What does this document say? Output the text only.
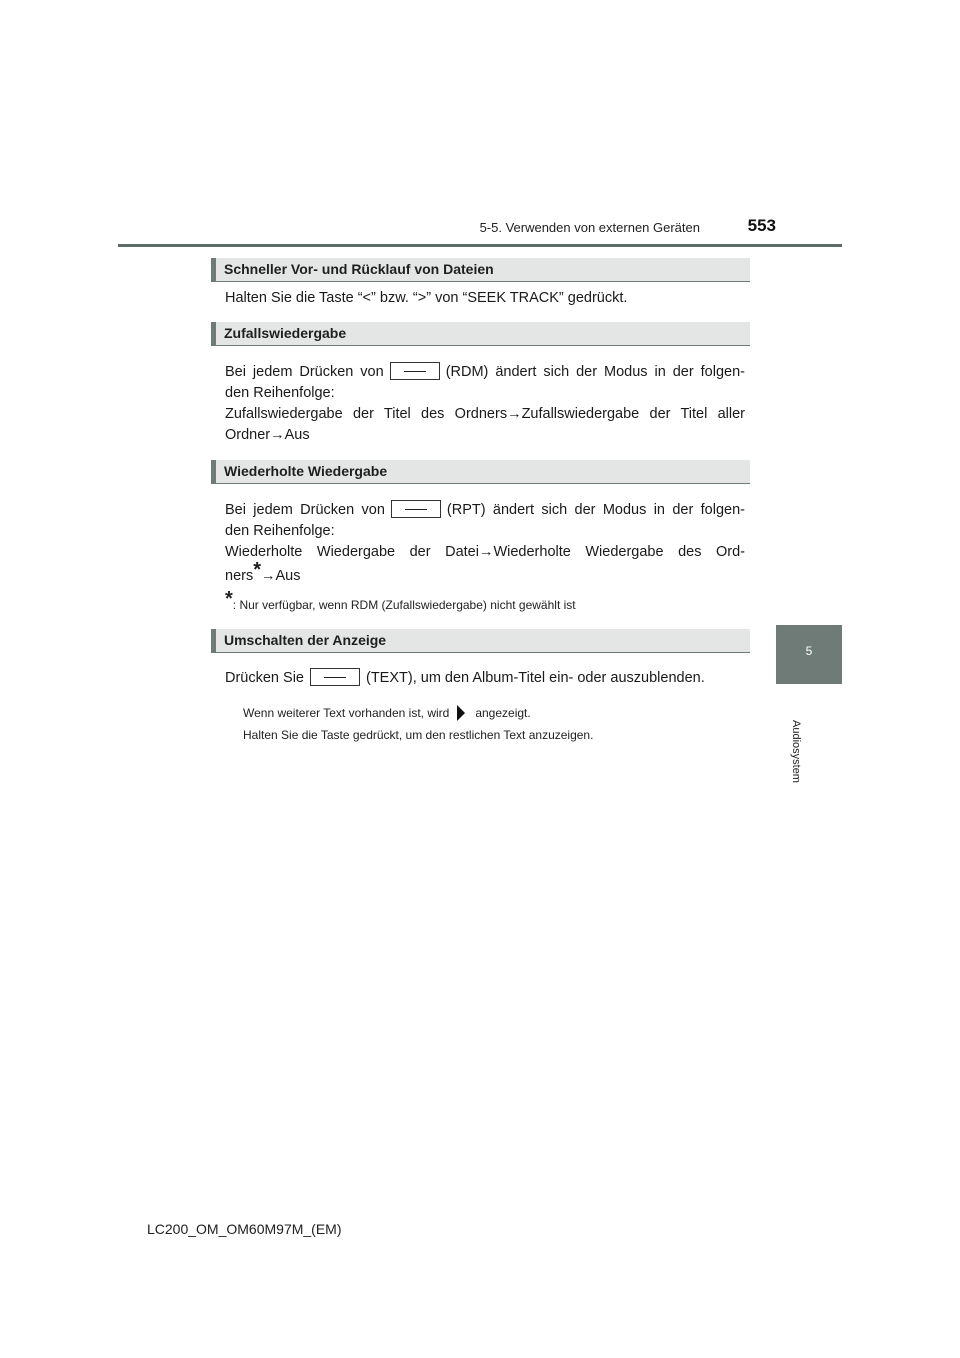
5-5. Verwenden von externen Geräten	553
5
Audiosystem
Schneller Vor- und Rücklauf von Dateien
Halten Sie die Taste “<” bzw. “>” von “SEEK TRACK” gedrückt.
Zufallswiedergabe
Bei jedem Drücken von	(RDM) ändert sich der Modus in der folgen-
den Reihenfolge:
Zufallswiedergabe der Titel des Ordners→Zufallswiedergabe der Titel aller
Ordner→Aus
Wiederholte Wiedergabe
Bei jedem Drücken von	(RPT) ändert sich der Modus in der folgen-
den Reihenfolge:
Wiederholte Wiedergabe der Datei→Wiederholte Wiedergabe des Ord-
ners*→Aus
*: Nur verfügbar, wenn RDM (Zufallswiedergabe) nicht gewählt ist
Umschalten der Anzeige
Drücken Sie	(TEXT), um den Album-Titel ein- oder auszublenden.
Wenn weiterer Text vorhanden ist, wird angezeigt.
Halten Sie die Taste gedrückt, um den restlichen Text anzuzeigen.
LC200_OM_OM60M97M_(EM)
